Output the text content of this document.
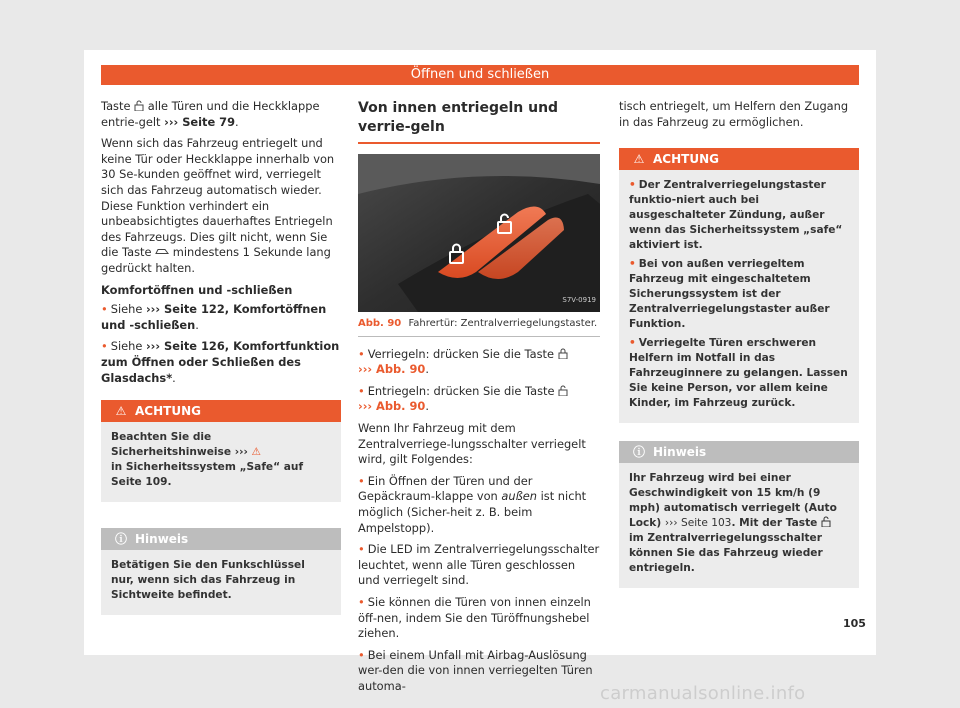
Öffnen und schließen

Taste alle Türen und die Heckklappe entrie-gelt ››› Seite 79.

Wenn sich das Fahrzeug entriegelt und keine Tür oder Heckklappe innerhalb von 30 Se-kunden geöffnet wird, verriegelt sich das Fahrzeug automatisch wieder. Diese Funktion verhindert ein unbeabsichtigtes dauerhaftes Entriegeln des Fahrzeugs. Dies gilt nicht, wenn Sie die Taste mindestens 1 Sekunde lang gedrückt halten.

Komfortöffnen und -schließen

• Siehe ››› Seite 122, Komfortöffnen und -schließen.

• Siehe ››› Seite 126, Komfortfunktion zum Öffnen oder Schließen des Glasdachs*.

⚠ ACHTUNG

Beachten Sie die Sicherheitshinweise ››› ⚠
in Sicherheitssystem „Safe“ auf Seite 109.

ⓘ Hinweis

Betätigen Sie den Funkschlüssel nur, wenn sich das Fahrzeug in Sichtweite befindet.

Von innen entriegeln und verrie-geln
S7V-0919
Abb. 90 Fahrertür: Zentralverriegelungstaster.

• Verriegeln: drücken Sie die Taste
››› Abb. 90.

• Entriegeln: drücken Sie die Taste
››› Abb. 90.

Wenn Ihr Fahrzeug mit dem Zentralverriege-lungsschalter verriegelt wird, gilt Folgendes:

• Ein Öffnen der Türen und der Gepäckraum-klappe von außen ist nicht möglich (Sicher-heit z. B. beim Ampelstopp).

• Die LED im Zentralverriegelungsschalter leuchtet, wenn alle Türen geschlossen und verriegelt sind.

• Sie können die Türen von innen einzeln öff-nen, indem Sie den Türöffnungshebel ziehen.

• Bei einem Unfall mit Airbag-Auslösung wer-den die von innen verriegelten Türen automa-

tisch entriegelt, um Helfern den Zugang in das Fahrzeug zu ermöglichen.

⚠ ACHTUNG

• Der Zentralverriegelungstaster funktio-niert auch bei ausgeschalteter Zündung, außer wenn das Sicherheitssystem „safe“ aktiviert ist.

• Bei von außen verriegeltem Fahrzeug mit eingeschaltetem Sicherungssystem ist der Zentralverriegelungstaster außer Funktion.

• Verriegelte Türen erschweren Helfern im Notfall in das Fahrzeuginnere zu gelangen. Lassen Sie keine Person, vor allem keine Kinder, im Fahrzeug zurück.

ⓘ Hinweis

Ihr Fahrzeug wird bei einer Geschwindigkeit von 15 km/h (9 mph) automatisch verriegelt (Auto Lock) ››› Seite 103. Mit der Taste  im Zentralverriegelungsschalter können Sie das Fahrzeug wieder entriegeln.

105
carmanualsonline.info
